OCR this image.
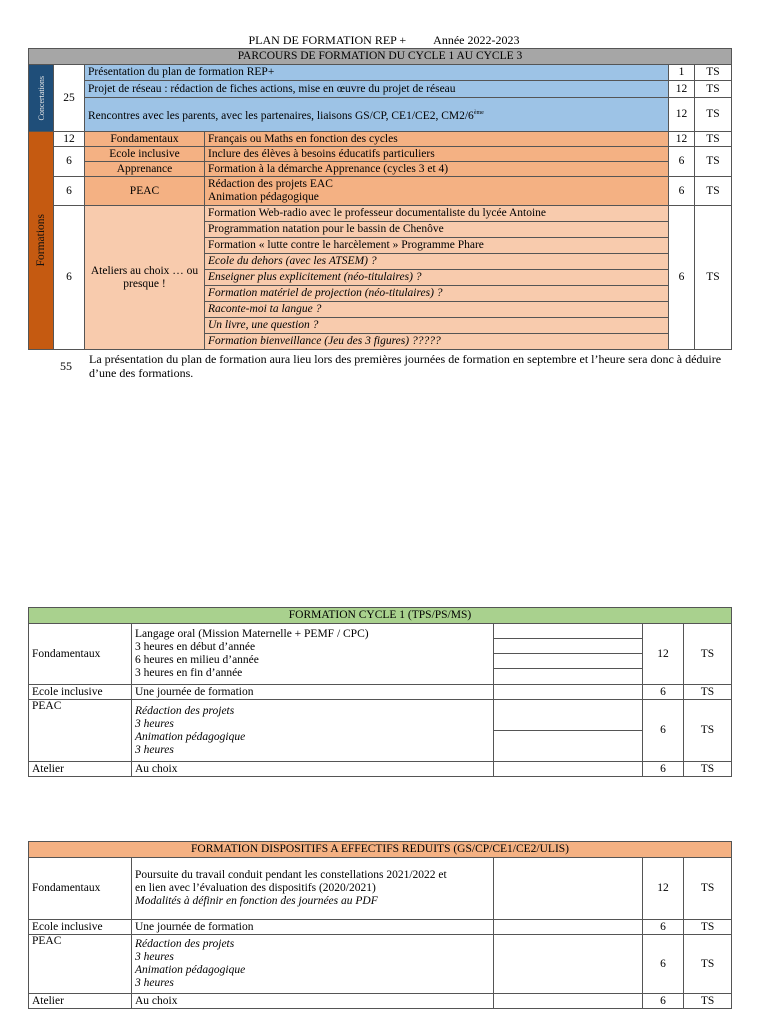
PLAN DE FORMATION REP + Année 2022-2023
PARCOURS DE FORMATION DU CYCLE 1 AU CYCLE 3					

Concertations	25	Présentation du plan de formation REP+		1	TS
		Projet de réseau : rédaction de fiches actions, mise en œuvre du projet de réseau		12	TS
		Rencontres avec les parents, avec les partenaires, liaisons GS/CP, CE1/CE2, CM2/6ème		12	TS

Formations	12	Fondamentaux	Français ou Maths en fonction des cycles	12	TS
	6	Ecole inclusive	Inclure des élèves à besoins éducatifs particuliers	6	TS
		Apprenance	Formation à la démarche Apprenance (cycles 3 et 4)		
	6	PEAC	Rédaction des projets EAC
Animation pédagogique	6	TS
	6	Ateliers au choix … ou presque !	Formation Web-radio avec le professeur documentaliste du lycée Antoine	6	TS
			Programmation natation pour le bassin de Chenôve		
			Formation « lutte contre le harcèlement » Programme Phare		
			Ecole du dehors (avec les ATSEM) ?		
			Enseigner plus explicitement (néo-titulaires) ?		
			Formation matériel de projection (néo-titulaires) ?		
			Raconte-moi ta langue ?		
			Un livre, une question ?		
			Formation bienveillance (Jeu des 3 figures) ?????		
55 La présentation du plan de formation aura lieu lors des premières journées de formation en septembre et l’heure sera donc à déduire d’une des formations.
FORMATION CYCLE 1 (TPS/PS/MS)				
Fondamentaux	Langage oral (Mission Maternelle + PEMF / CPC)
3 heures en début d’année
6 heures en milieu d’année
3 heures en fin d’année		12	TS

Ecole inclusive	Une journée de formation		6	TS
PEAC	Rédaction des projets
3 heures
Animation pédagogique
3 heures		6	TS

Atelier	Au choix		6	TS
FORMATION DISPOSITIFS A EFFECTIFS REDUITS (GS/CP/CE1/CE2/ULIS)				
Fondamentaux	Poursuite du travail conduit pendant les constellations 2021/2022 et
en lien avec l’évaluation des dispositifs (2020/2021)
Modalités à définir en fonction des journées au PDF		12	TS
Ecole inclusive	Une journée de formation		6	TS
PEAC	Rédaction des projets
3 heures
Animation pédagogique
3 heures		6	TS
Atelier	Au choix		6	TS
